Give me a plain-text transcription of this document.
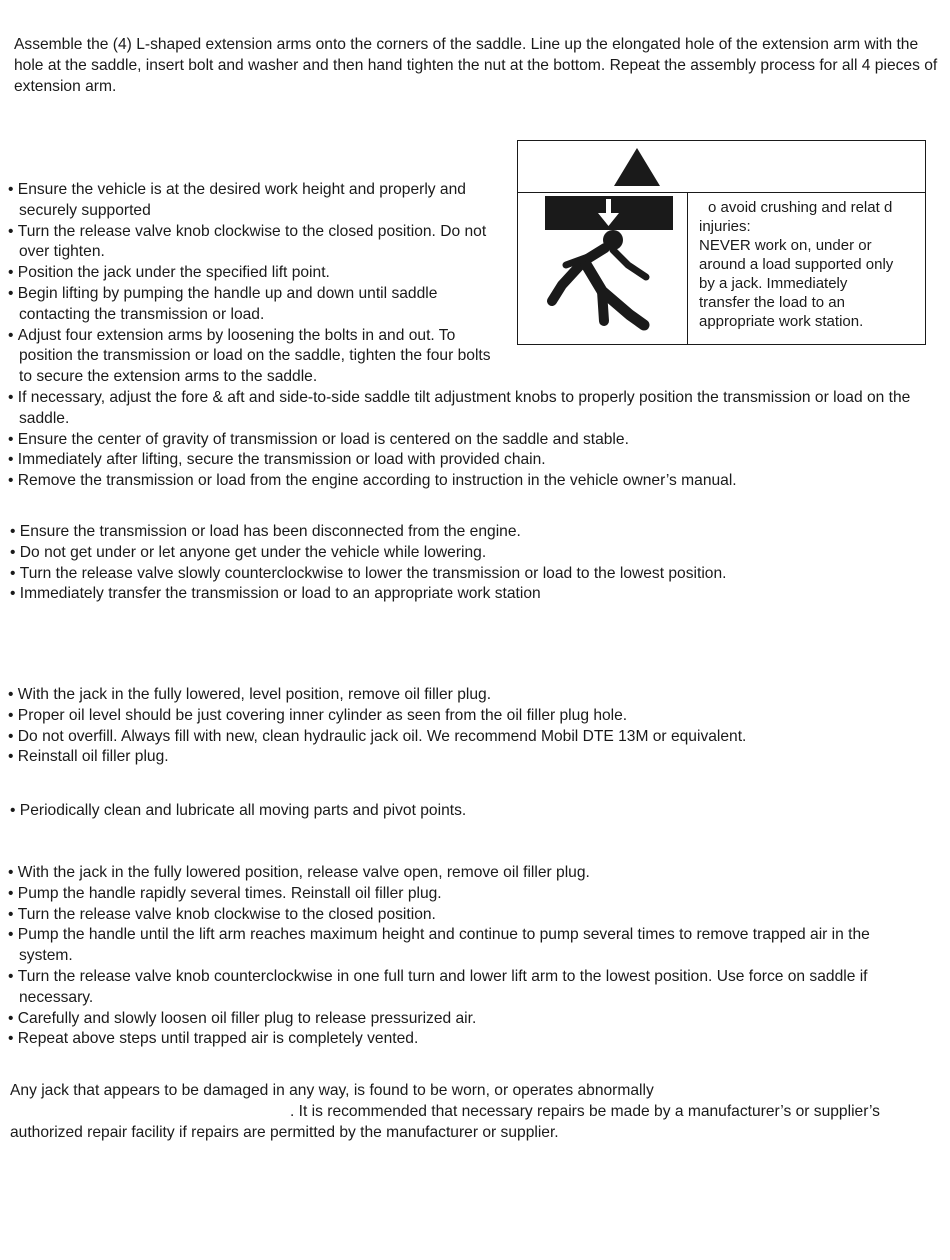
Assemble the (4) L-shaped extension arms onto the corners of the saddle. Line up the elongated hole of the extension arm with the hole at the saddle, insert bolt and washer and then hand tighten the nut at the bottom. Repeat the assembly process for all 4 pieces of extension arm.

o avoid crushing and relat d
injuries:
NEVER work on, under or
around a load supported only
by a jack. Immediately
transfer the load to an
appropriate work station.
• Ensure the vehicle is at the desired work height and properly and securely supported
• Turn the release valve knob clockwise to the closed position. Do not over tighten.
• Position the jack under the specified lift point.
• Begin lifting by pumping the handle up and down until saddle contacting the transmission or load.
• Adjust four extension arms by loosening the bolts in and out. To position the transmission or load on the saddle, tighten the four bolts to secure the extension arms to the saddle.
• If necessary, adjust the fore & aft and side-to-side saddle tilt adjustment knobs to properly position the transmission or load on the saddle.
• Ensure the center of gravity of transmission or load is centered on the saddle and stable.
• Immediately after lifting, secure the transmission or load with provided chain.
• Remove the transmission or load from the engine according to instruction in the vehicle owner’s manual.
• Ensure the transmission or load has been disconnected from the engine.
• Do not get under or let anyone get under the vehicle while lowering.
• Turn the release valve slowly counterclockwise to lower the transmission or load to the lowest position.
• Immediately transfer the transmission or load to an appropriate work station
• With the jack in the fully lowered, level position, remove oil filler plug.
• Proper oil level should be just covering inner cylinder as seen from the oil filler plug hole.
• Do not overfill. Always fill with new, clean hydraulic jack oil. We recommend Mobil DTE 13M or equivalent.
• Reinstall oil filler plug.
• Periodically clean and lubricate all moving parts and pivot points.
• With the jack in the fully lowered position, release valve open, remove oil filler plug.
• Pump the handle rapidly several times. Reinstall oil filler plug.
• Turn the release valve knob clockwise to the closed position.
• Pump the handle until the lift arm reaches maximum height and continue to pump several times to remove trapped air in the system.
• Turn the release valve knob counterclockwise in one full turn and lower lift arm to the lowest position. Use force on saddle if necessary.
• Carefully and slowly loosen oil filler plug to release pressurized air.
• Repeat above steps until trapped air is completely vented.
Any jack that appears to be damaged in any way, is found to be worn, or operates abnormally
. It is recommended that necessary repairs be made by a manufacturer’s or supplier’s
authorized repair facility if repairs are permitted by the manufacturer or supplier.
